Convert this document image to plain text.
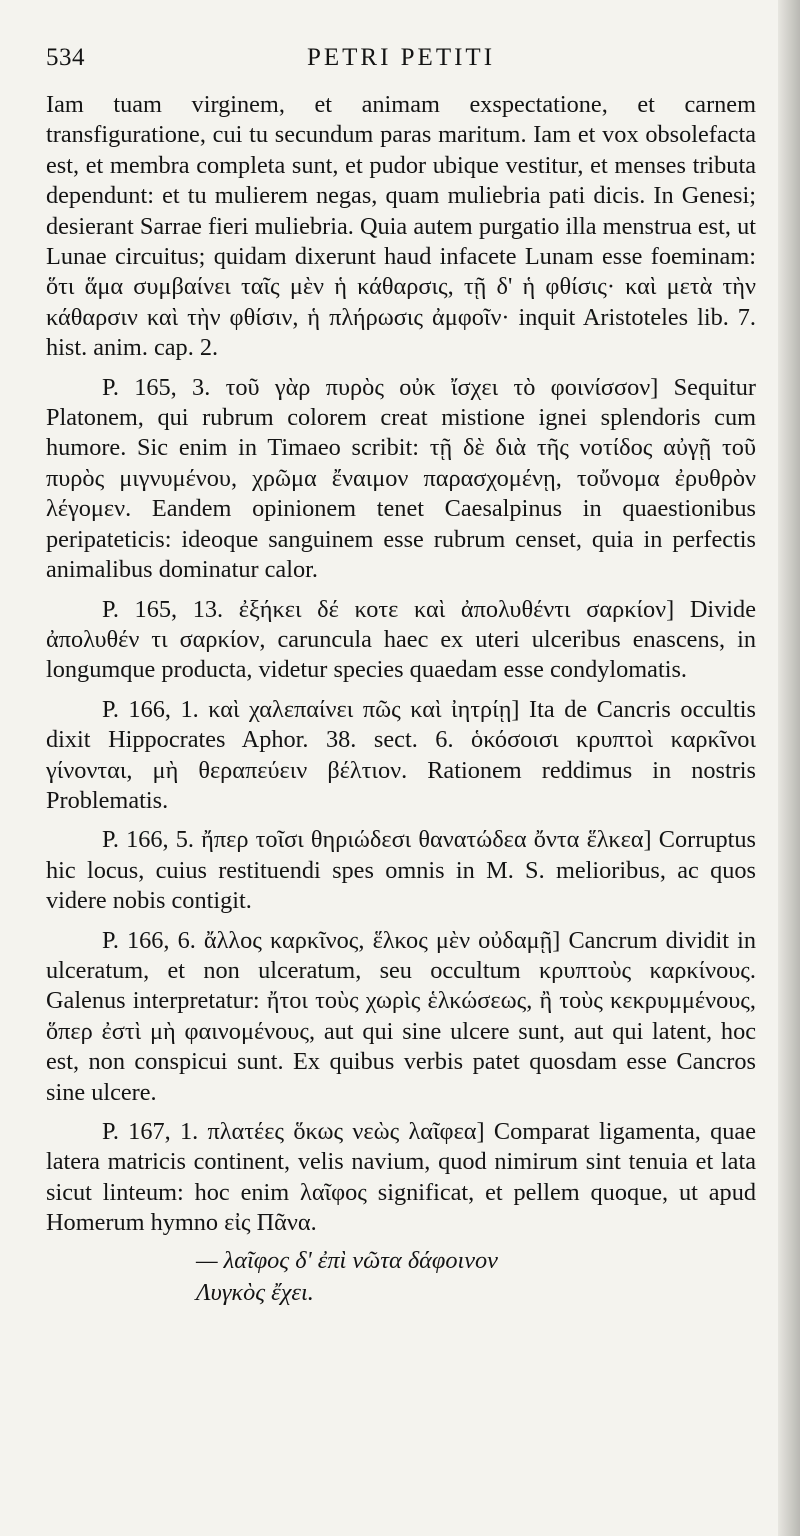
534	PETRI PETITI

Iam tuam virginem, et animam exspectatione, et carnem transfiguratione, cui tu secundum paras maritum. Iam et vox obsolefacta est, et membra completa sunt, et pudor ubique vestitur, et menses tributa dependunt: et tu mulierem negas, quam muliebria pati dicis. In Genesi; desierant Sarrae fieri muliebria. Quia autem purgatio illa menstrua est, ut Lunae circuitus; quidam dixerunt haud infacete Lunam esse foeminam: ὅτι ἅμα συμβαίνει ταῖς μὲν ἡ κάθαρσις, τῇ δ' ἡ φθίσις· καὶ μετὰ τὴν κάθαρσιν καὶ τὴν φθίσιν, ἡ πλήρωσις ἀμφοῖν· inquit Aristoteles lib. 7. hist. anim. cap. 2.

P. 165, 3. τοῦ γὰρ πυρὸς οὐκ ἴσχει τὸ φοινίσσον] Sequitur Platonem, qui rubrum colorem creat mistione ignei splendoris cum humore. Sic enim in Timaeo scribit: τῇ δὲ διὰ τῆς νοτίδος αὐγῇ τοῦ πυρὸς μιγνυμένου, χρῶμα ἔναιμον παρασχομένῃ, τοὔνομα ἐρυθρὸν λέγομεν. Eandem opinionem tenet Caesalpinus in quaestionibus peripateticis: ideoque sanguinem esse rubrum censet, quia in perfectis animalibus dominatur calor.

P. 165, 13. ἐξήκει δέ κοτε καὶ ἀπολυθέντι σαρκίον] Divide ἀπολυθέν τι σαρκίον, caruncula haec ex uteri ulceribus enascens, in longumque producta, videtur species quaedam esse condylomatis.

P. 166, 1. καὶ χαλεπαίνει πῶς καὶ ἰητρίῃ] Ita de Cancris occultis dixit Hippocrates Aphor. 38. sect. 6. ὁκόσοισι κρυπτοὶ καρκῖνοι γίνονται, μὴ θεραπεύειν βέλτιον. Rationem reddimus in nostris Problematis.

P. 166, 5. ἤπερ τοῖσι θηριώδεσι θανατώδεα ὄντα ἕλκεα] Corruptus hic locus, cuius restituendi spes omnis in M. S. melioribus, ac quos videre nobis contigit.

P. 166, 6. ἄλλος καρκῖνος, ἕλκος μὲν οὐδαμῇ] Cancrum dividit in ulceratum, et non ulceratum, seu occultum κρυπτοὺς καρκίνους. Galenus interpretatur: ἤτοι τοὺς χωρὶς ἑλκώσεως, ἢ τοὺς κεκρυμμένους, ὅπερ ἐστὶ μὴ φαινομένους, aut qui sine ulcere sunt, aut qui latent, hoc est, non conspicui sunt. Ex quibus verbis patet quosdam esse Cancros sine ulcere.

P. 167, 1. πλατέες ὅκως νεὼς λαῖφεα] Comparat ligamenta, quae latera matricis continent, velis navium, quod nimirum sint tenuia et lata sicut linteum: hoc enim λαῖφος significat, et pellem quoque, ut apud Homerum hymno εἰς Πᾶνα.

— λαῖφος δ' ἐπὶ νῶτα δάφοινον
Λυγκὸς ἔχει.
